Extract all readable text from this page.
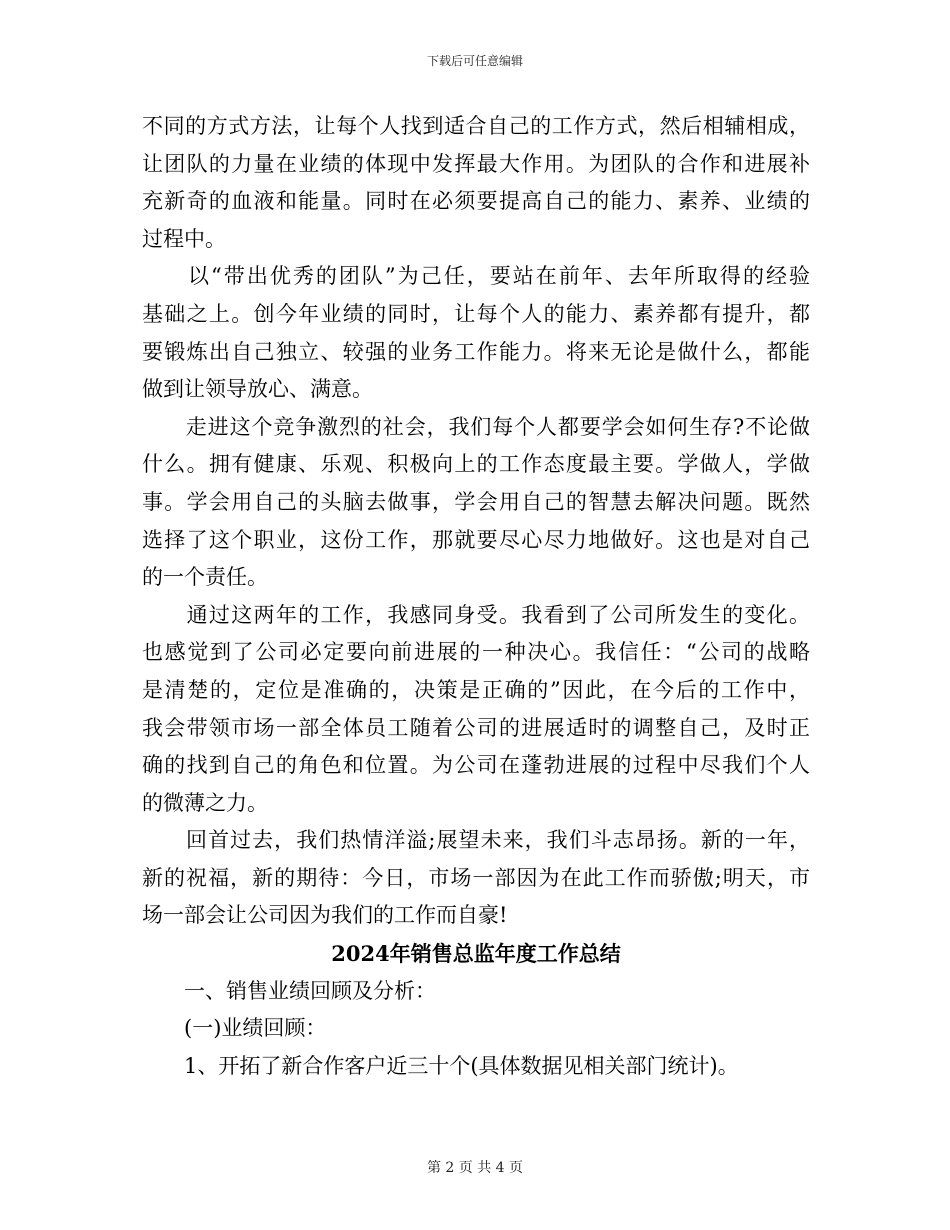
下载后可任意编辑
不同的方式方法，让每个人找到适合自己的工作方式，然后相辅相成，
让团队的力量在业绩的体现中发挥最大作用。为团队的合作和进展补
充新奇的血液和能量。同时在必须要提高自己的能力、素养、业绩的
过程中。
　　以“带出优秀的团队”为己任，要站在前年、去年所取得的经验
基础之上。创今年业绩的同时，让每个人的能力、素养都有提升，都
要锻炼出自己独立、较强的业务工作能力。将来无论是做什么，都能
做到让领导放心、满意。
　　走进这个竞争激烈的社会，我们每个人都要学会如何生存?不论做
什么。拥有健康、乐观、积极向上的工作态度最主要。学做人，学做
事。学会用自己的头脑去做事，学会用自己的智慧去解决问题。既然
选择了这个职业，这份工作，那就要尽心尽力地做好。这也是对自己
的一个责任。
　　通过这两年的工作，我感同身受。我看到了公司所发生的变化。
也感觉到了公司必定要向前进展的一种决心。我信任：“公司的战略
是清楚的，定位是准确的，决策是正确的”因此，在今后的工作中，
我会带领市场一部全体员工随着公司的进展适时的调整自己，及时正
确的找到自己的角色和位置。为公司在蓬勃进展的过程中尽我们个人
的微薄之力。
　　回首过去，我们热情洋溢;展望未来，我们斗志昂扬。新的一年，
新的祝福，新的期待：今日，市场一部因为在此工作而骄傲;明天，市
场一部会让公司因为我们的工作而自豪!
2024年销售总监年度工作总结
　　一、销售业绩回顾及分析：
　　(一)业绩回顾：
　　1、开拓了新合作客户近三十个(具体数据见相关部门统计)。
第 2 页 共 4 页
